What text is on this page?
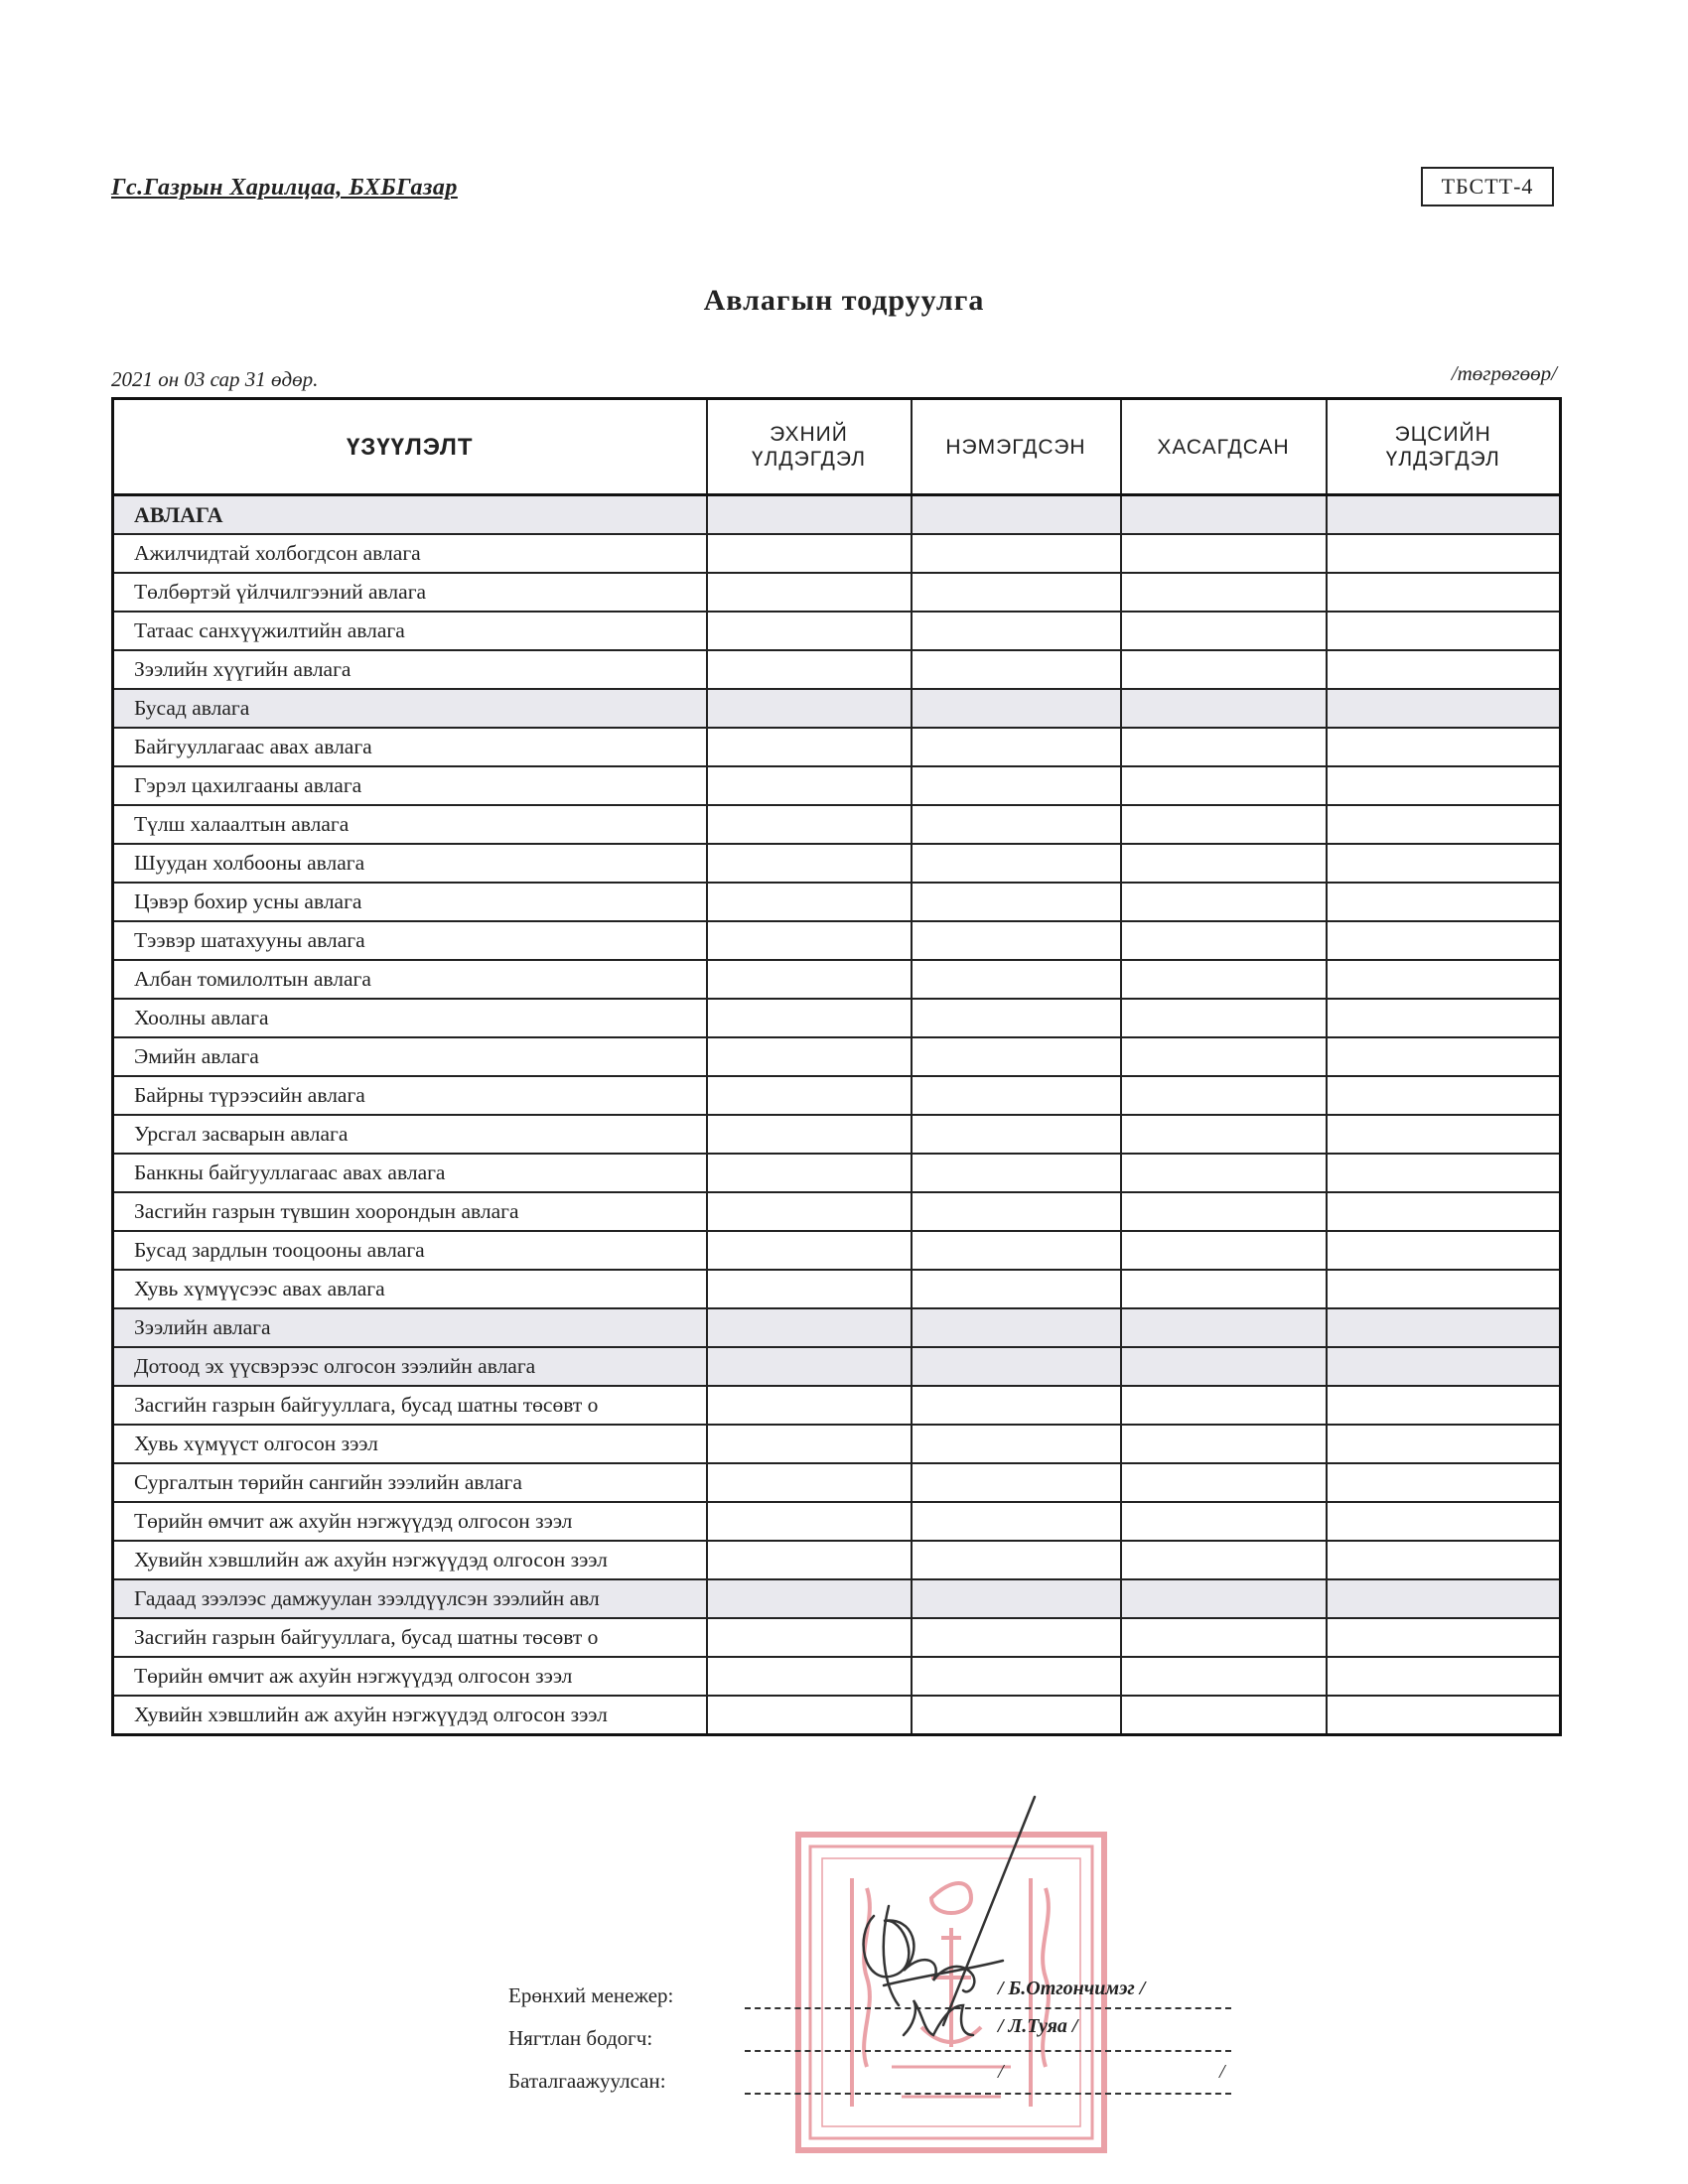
Гс.Газрын Харилцаа, БХБГазар	ТБСТТ-4
Авлагын тодруулга
2021 он 03 сар 31 өдөр.	/төгрөгөөр/
ҮЗҮҮЛЭЛТ	ЭХНИЙ ҮЛДЭГДЭЛ	НЭМЭГДСЭН	ХАСАГДСАН	ЭЦСИЙН ҮЛДЭГДЭЛ
АВЛАГА				
Ажилчидтай холбогдсон авлага				
Төлбөртэй үйлчилгээний авлага				
Татаас санхүүжилтийн авлага				
Зээлийн хүүгийн авлага				
Бусад авлага				
Байгууллагаас авах авлага				
Гэрэл цахилгааны авлага				
Түлш халаалтын авлага				
Шуудан холбооны авлага				
Цэвэр бохир усны авлага				
Тээвэр шатахууны авлага				
Албан томилолтын авлага				
Хоолны авлага				
Эмийн авлага				
Байрны түрээсийн авлага				
Урсгал засварын авлага				
Банкны байгууллагаас авах авлага				
Засгийн газрын түвшин хоорондын авлага				
Бусад зардлын тооцооны авлага				
Хувь хүмүүсээс авах авлага				
Зээлийн авлага				
Дотоод эх үүсвэрээс олгосон зээлийн авлага				
Засгийн газрын байгууллага, бусад шатны төсөвт о				
Хувь хүмүүст олгосон зээл				
Сургалтын төрийн сангийн зээлийн авлага				
Төрийн өмчит аж ахуйн нэгжүүдэд олгосон зээл				
Хувийн хэвшлийн аж ахуйн нэгжүүдэд олгосон зээл				
Гадаад зээлээс дамжуулан зээлдүүлсэн зээлийн авл				
Засгийн газрын байгууллага, бусад шатны төсөвт о				
Төрийн өмчит аж ахуйн нэгжүүдэд олгосон зээл				
Хувийн хэвшлийн аж ахуйн нэгжүүдэд олгосон зээл				
Ерөнхий менежер:	/ Б.Отгончимэг /
Нягтлан бодогч:	/ Л.Туяа /
Баталгаажуулсан:	/	/
